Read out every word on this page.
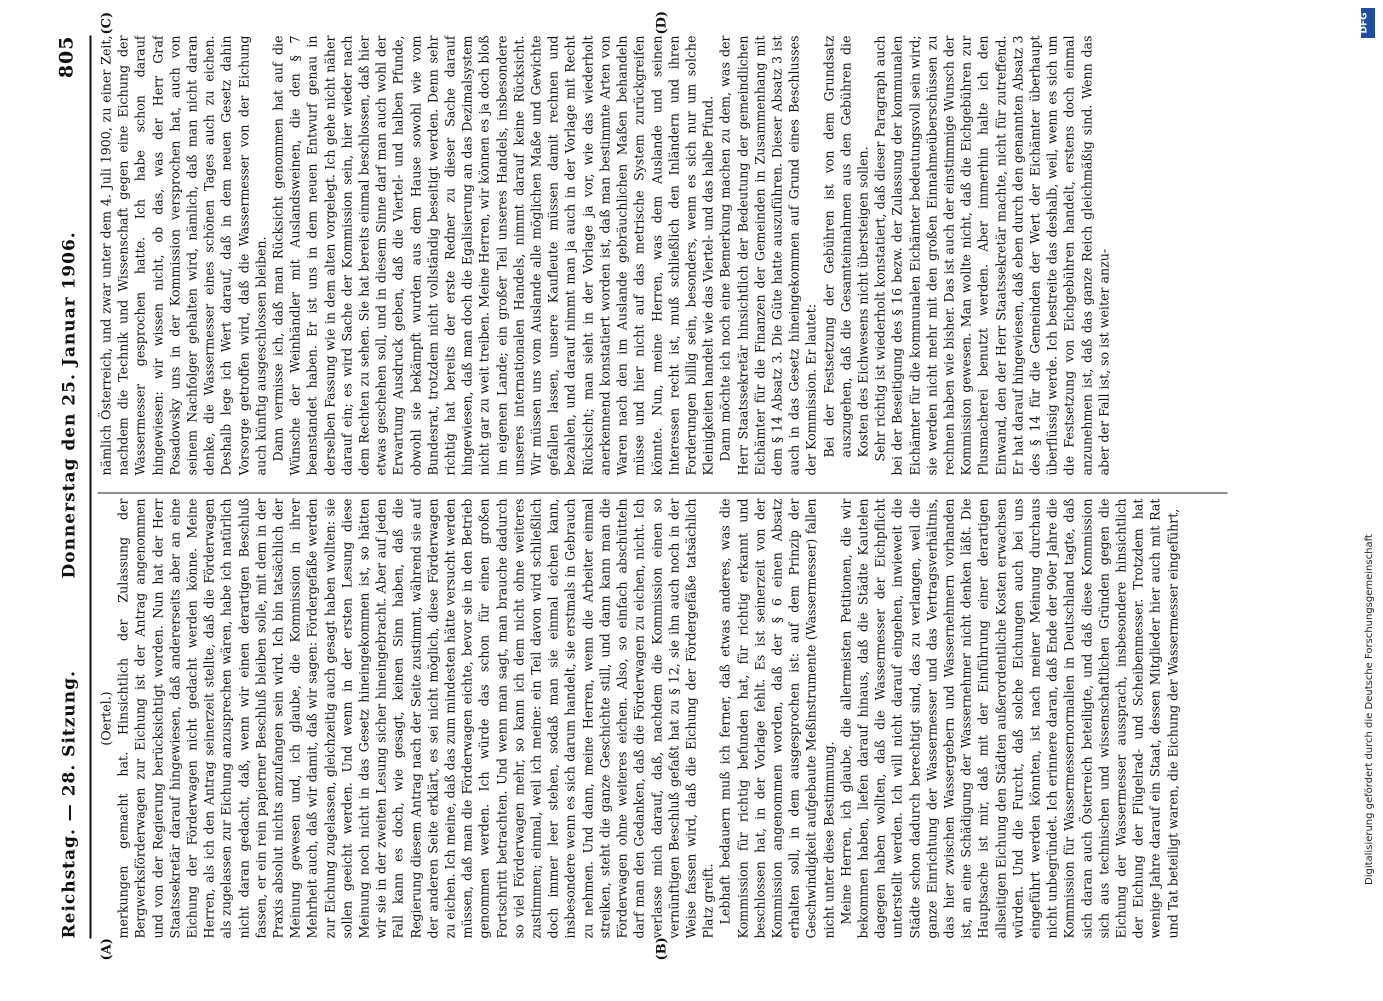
Reichstag. — 28. Sitzung.
Donnerstag den 25. Januar 1906.
805

(Oertel.) merkungen gemacht hat. Hinsichtlich der Zulassung der Bergwerksförderwagen zur Eichung ist der Antrag angenommen und von der Regierung berücksichtigt worden. Nun hat der Herr Staatssekretär darauf hingewiesen, daß andererseits aber an eine Eichung der Förderwagen nicht gedacht werden könne. Meine Herren, als ich den Antrag seinerzeit stellte, daß die Förderwagen als zugelassen zur Eichung anzusprechen wären, habe ich natürlich nicht daran gedacht, daß, wenn wir einen derartigen Beschluß fassen, er ein rein papierner Beschluß bleiben solle, mit dem in der Praxis absolut nichts anzufangen sein wird. Ich bin tatsächlich der Meinung gewesen und, ich glaube, die Kommission in ihrer Mehrheit auch, daß wir damit, daß wir sagen: Fördergefäße werden zur Eichung zugelassen, gleichzeitig auch gesagt haben wollten: sie sollen geeicht werden. Und wenn in der ersten Lesung diese Meinung noch nicht in das Gesetz hineingekommen ist, so hätten wir sie in der zweiten Lesung sicher hineingebracht. Aber auf jeden Fall kann es doch, wie gesagt, keinen Sinn haben, daß die Regierung diesem Antrag nach der Seite zustimmt, während sie auf der anderen Seite erklärt, es sei nicht möglich, diese Förderwagen zu eichen. Ich meine, daß das zum mindesten hätte versucht werden müssen, daß man die Förderwagen eichte, bevor sie in den Betrieb genommen werden. Ich würde das schon für einen großen Fortschritt betrachten. Und wenn man sagt, man brauche dadurch so viel Förderwagen mehr, so kann ich dem nicht ohne weiteres zustimmen; einmal, weil ich meine: ein Teil davon wird schließlich doch immer leer stehen, sodaß man sie einmal eichen kann, insbesondere wenn es sich darum handelt, sie erstmals in Gebrauch zu nehmen. Und dann, meine Herren, wenn die Arbeiter einmal streiken, steht die ganze Geschichte still, und dann kann man die Förderwagen ohne weiteres eichen. Also, so einfach abschütteln darf man den Gedanken, daß die Förderwagen zu eichen, nicht. Ich verlasse mich darauf, daß, nachdem die Kommission einen so vernünftigen Beschluß gefaßt hat zu § 12, sie ihn auch noch in der Weise fassen wird, daß die Eichung der Fördergefäße tatsächlich Platz greift. Lebhaft bedauern muß ich ferner, daß etwas anderes, was die Kommission für richtig befunden hat, für richtig erkannt und beschlossen hat, in der Vorlage fehlt. Es ist seinerzeit von der Kommission angenommen worden, daß der § 6 einen Absatz erhalten soll, in dem ausgesprochen ist: auf dem Prinzip der Geschwindigkeit aufgebaute Meßinstrumente (Wassermesser) fallen nicht unter diese Bestimmung. Meine Herren, ich glaube, die allermeisten Petitionen, die wir bekommen haben, liefen darauf hinaus, daß die Städte Kautelen dagegen haben wollten, daß die Wassermesser der Eichpflicht unterstellt werden. Ich will nicht darauf eingehen, inwieweit die Städte schon dadurch berechtigt sind, das zu verlangen, weil die ganze Einrichtung der Wassermesser und das Vertragsverhältnis, das hier zwischen Wassergebern und Wassernehmern vorhanden ist, an eine Schädigung der Wassernehmer nicht denken läßt. Die Hauptsache ist mir, daß mit der Einführung einer derartigen allseitigen Eichung den Städten außerordentliche Kosten erwachsen würden. Und die Furcht, daß solche Eichungen auch bei uns eingeführt werden könnten, ist nach meiner Meinung durchaus nicht unbegründet. Ich erinnere daran, daß Ende der 90er Jahre die Kommission für Wassermessernormalien in Deutschland tagte, daß sich daran auch Österreich beteiligte, und daß diese Kommission sich aus technischen und wissenschaftlichen Gründen gegen die Eichung der Wassermesser aussprach, insbesondere hinsichtlich der Eichung der Flügelrad- und Scheibenmesser. Trotzdem hat wenige Jahre darauf ein Staat, dessen Mitglieder hier auch mit Rat und Tat beteiligt waren, die Eichung der Wassermesser eingeführt,

nämlich Österreich, und zwar unter dem 4. Juli 1900, zu einer Zeit, nachdem die Technik und Wissenschaft gegen eine Eichung der Wassermesser gesprochen hatte. Ich habe schon darauf hingewiesen: wir wissen nicht, ob das, was der Herr Graf Posadowsky uns in der Kommission versprochen hat, auch von seinem Nachfolger gehalten wird, nämlich, daß man nicht daran denke, die Wassermesser eines schönen Tages auch zu eichen. Deshalb lege ich Wert darauf, daß in dem neuen Gesetz dahin Vorsorge getroffen wird, daß die Wassermesser von der Eichung auch künftig ausgeschlossen bleiben. Dann vermisse ich, daß man Rücksicht genommen hat auf die Wünsche der Weinhändler mit Auslandsweinen, die den § 7 beanstandet haben. Er ist uns in dem neuen Entwurf genau in derselben Fassung wie in dem alten vorgelegt. Ich gehe nicht näher darauf ein; es wird Sache der Kommission sein, hier wieder nach dem Rechten zu sehen. Sie hat bereits einmal beschlossen, daß hier etwas geschehen soll, und in diesem Sinne darf man auch wohl der Erwartung Ausdruck geben, daß die Viertel- und halben Pfunde, obwohl sie bekämpft wurden aus dem Hause sowohl wie vom Bundesrat, trotzdem nicht vollständig beseitigt werden. Denn sehr richtig hat bereits der erste Redner zu dieser Sache darauf hingewiesen, daß man doch die Egalisierung an das Dezimalsystem nicht gar zu weit treiben. Meine Herren, wir können es ja doch bloß im eigenen Lande; ein großer Teil unseres Handels, insbesondere unseres internationalen Handels, nimmt darauf keine Rücksicht. Wir müssen uns vom Auslande alle möglichen Maße und Gewichte gefallen lassen, unsere Kaufleute müssen damit rechnen und bezahlen, und darauf nimmt man ja auch in der Vorlage mit Recht Rücksicht; man sieht in der Vorlage ja vor, wie das wiederholt anerkennend konstatiert worden ist, daß man bestimmte Arten von Waren nach den im Auslande gebräuchlichen Maßen behandeln müsse und hier nicht auf das metrische System zurückgreifen könnte. Nun, meine Herren, was dem Auslande und seinen Interessen recht ist, muß schließlich den Inländern und ihren Forderungen billig sein, besonders, wenn es sich nur um solche Kleinigkeiten handelt wie das Viertel- und das halbe Pfund. Dann möchte ich noch eine Bemerkung machen zu dem, was der Herr Staatssekretär hinsichtlich der Bedeutung der gemeindlichen Eichämter für die Finanzen der Gemeinden in Zusammenhang mit dem § 14 Absatz 3. Die Güte hatte auszuführen. Dieser Absatz 3 ist auch in das Gesetz hineingekommen auf Grund eines Beschlusses der Kommission. Er lautet: Bei der Festsetzung der Gebühren ist von dem Grundsatz auszugehen, daß die Gesamteinnahmen aus den Gebühren die Kosten des Eichwesens nicht übersteigen sollen. Sehr richtig ist wiederholt konstatiert, daß dieser Paragraph auch bei der Beseitigung des § 16 bezw. der Zulassung der kommunalen Eichämter für die kommunalen Eichämter bedeutungsvoll sein wird; sie werden nicht mehr mit den großen Einnahmeüberschüssen zu rechnen haben wie bisher. Das ist auch der einstimmige Wunsch der Kommission gewesen. Man wollte nicht, daß die Eichgebühren zur Plusmacherei benutzt werden. Aber immerhin halte ich den Einwand, den der Herr Staatssekretär machte, nicht für zutreffend. Er hat darauf hingewiesen, daß eben durch den genannten Absatz 3 des § 14 für die Gemeinden der Wert der Eichämter überhaupt überflüssig werde. Ich bestreite das deshalb, weil, wenn es sich um die Festsetzung von Eichgebühren handelt, erstens doch einmal anzunehmen ist, daß das ganze Reich gleichmäßig sind. Wenn das aber der Fall ist, so ist weiter anzu-

(A)	(B)
(C)	(D)	DFG
Digitalisierung gefördert durch die Deutsche Forschungsgemeinschaft
